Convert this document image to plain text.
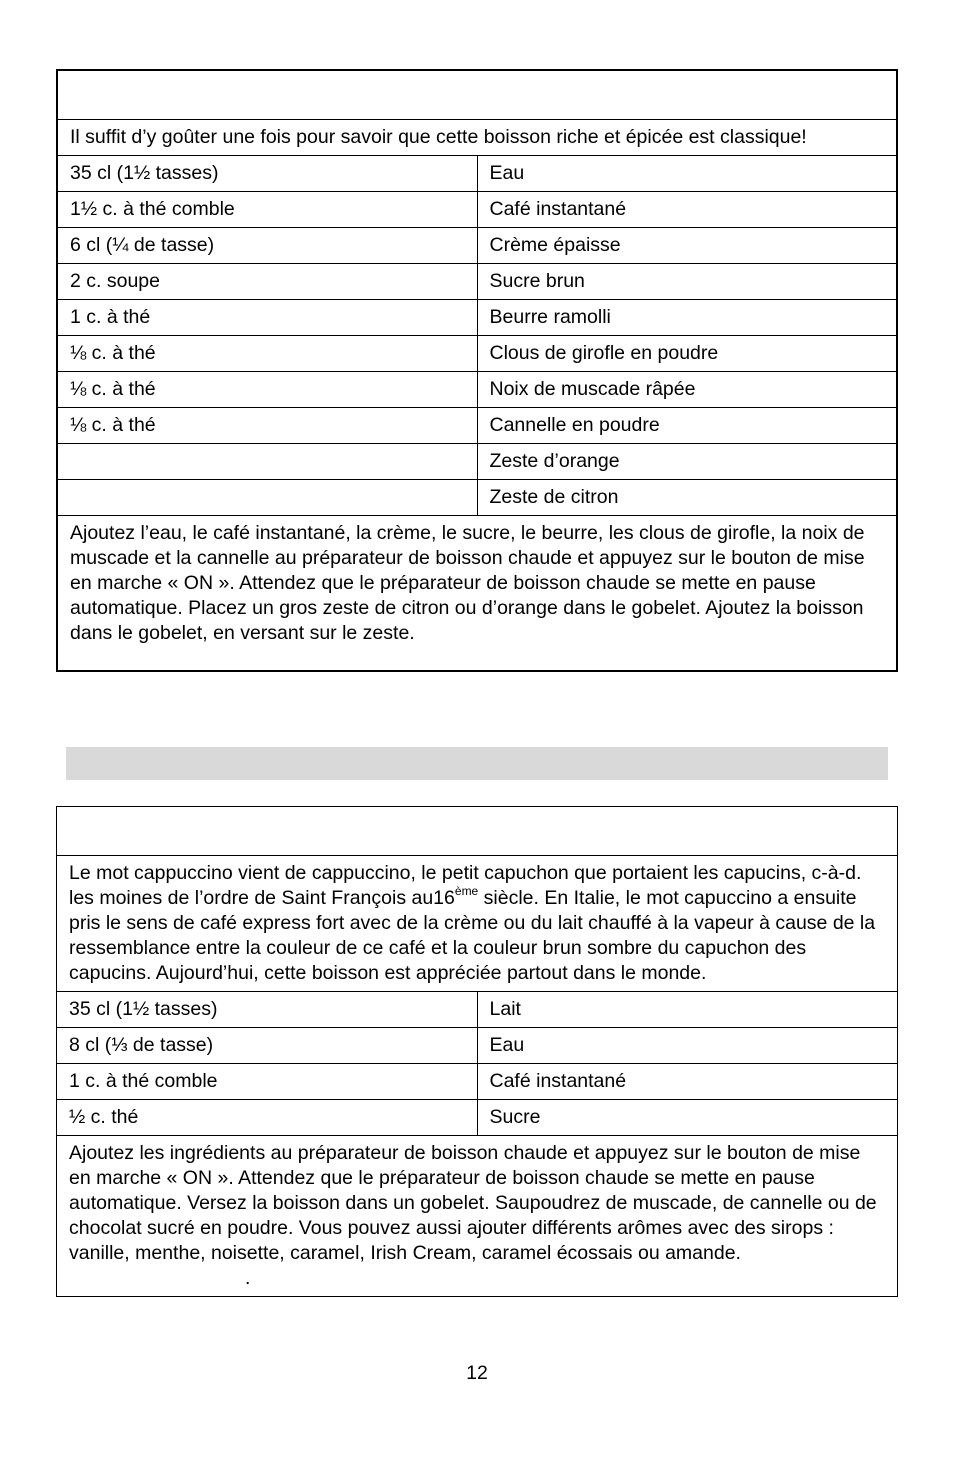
Il suffit d’y goûter une fois pour savoir que cette boisson riche et épicée est classique!	
35 cl (1½ tasses)	Eau
1½ c. à thé comble	Café instantané
6 cl (¼ de tasse)	Crème épaisse
2 c. soupe	Sucre brun
1 c. à thé	Beurre ramolli
⅛ c. à thé	Clous de girofle en poudre
⅛ c. à thé	Noix de muscade râpée
⅛ c. à thé	Cannelle en poudre
	Zeste d’orange
	Zeste de citron
Ajoutez l’eau, le café instantané, la crème, le sucre, le beurre, les clous de girofle, la noix de muscade et la cannelle au préparateur de boisson chaude et appuyez sur le bouton de mise en marche « ON ». Attendez que le préparateur de boisson chaude se mette en pause automatique. Placez un gros zeste de citron ou d’orange dans le gobelet. Ajoutez la boisson dans le gobelet, en versant sur le zeste.	

Le mot cappuccino vient de cappuccino, le petit capuchon que portaient les capucins, c-à-d. les moines de l’ordre de Saint François au16ème siècle. En Italie, le mot capuccino a ensuite pris le sens de café express fort avec de la crème ou du lait chauffé à la vapeur à cause de la ressemblance entre la couleur de ce café et la couleur brun sombre du capuchon des capucins. Aujourd’hui, cette boisson est appréciée partout dans le monde.	
35 cl (1½ tasses)	Lait
8 cl (⅓ de tasse)	Eau
1 c. à thé comble	Café instantané
½ c. thé	Sucre
Ajoutez les ingrédients au préparateur de boisson chaude et appuyez sur le bouton de mise en marche « ON ». Attendez que le préparateur de boisson chaude se mette en pause automatique. Versez la boisson dans un gobelet. Saupoudrez de muscade, de cannelle ou de chocolat sucré en poudre. Vous pouvez aussi ajouter différents arômes avec des sirops : vanille, menthe, noisette, caramel, Irish Cream, caramel écossais ou amande..	
12
